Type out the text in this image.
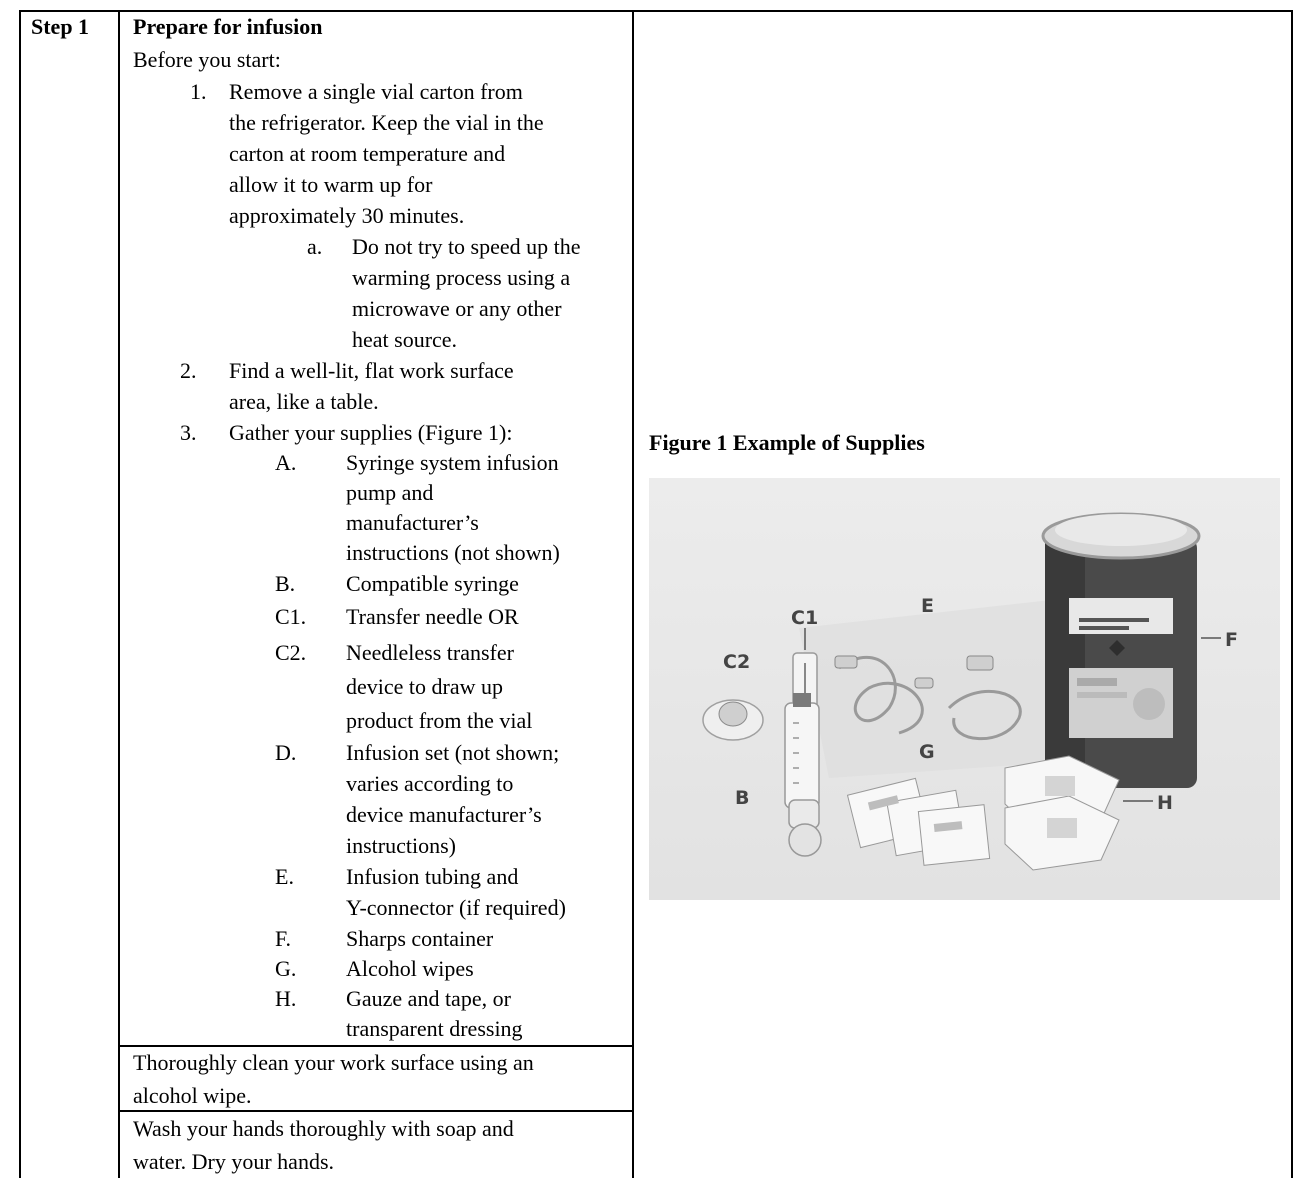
Step 1 Prepare for infusion
Before you start:
1. Remove a single vial carton from
the refrigerator. Keep the vial in the
carton at room temperature and
allow it to warm up for
approximately 30 minutes.
a. Do not try to speed up the
warming process using a
microwave or any other
heat source.
2. Find a well-lit, flat work surface
area, like a table.
3. Gather your supplies (Figure 1):
A. Syringe system infusion
pump and
manufacturer’s
instructions (not shown)
B. Compatible syringe
C1. Transfer needle OR
C2. Needleless transfer
device to draw up
product from the vial
D. Infusion set (not shown;
varies according to
device manufacturer’s
instructions)
E. Infusion tubing and
Y-connector (if required)
F.	Sharps container
G. Alcohol wipes
H. Gauze and tape, or
transparent dressing
Thoroughly clean your work surface using an
alcohol wipe.
Wash your hands thoroughly with soap and
water. Dry your hands.
Figure 1 Example of Supplies
C1
C2
E
F
G
B	H
